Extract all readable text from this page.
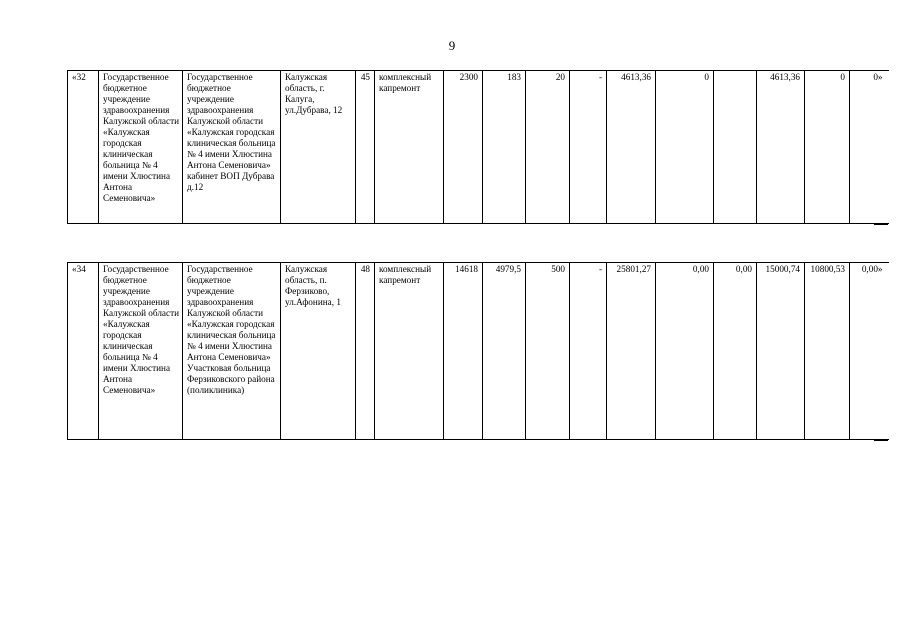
9
«32	Государственное бюджетное учреждение здравоохранения Калужской области «Калужская городская клиническая больница № 4 имени Хлюстина Антона Семеновича»	Государственное бюджетное учреждение здравоохранения Калужской области «Калужская городская клиническая больница № 4 имени Хлюстина Антона Семеновича» кабинет ВОП Дубрава д.12	Калужская область, г. Калуга, ул.Дубрава, 12	45	комплексный капремонт	2300	183	20	-	4613,36	0		4613,36	0	0»
«34	Государственное бюджетное учреждение здравоохранения Калужской области «Калужская городская клиническая больница № 4 имени Хлюстина Антона Семеновича»	Государственное бюджетное учреждение здравоохранения Калужской области «Калужская городская клиническая больница № 4 имени Хлюстина Антона Семеновича» Участковая больница Ферзиковского района (поликлиника)	Калужская область, п. Ферзиково, ул.Афонина, 1	48	комплексный капремонт	14618	4979,5	500	-	25801,27	0,00	0,00	15000,74	10800,53	0,00»
